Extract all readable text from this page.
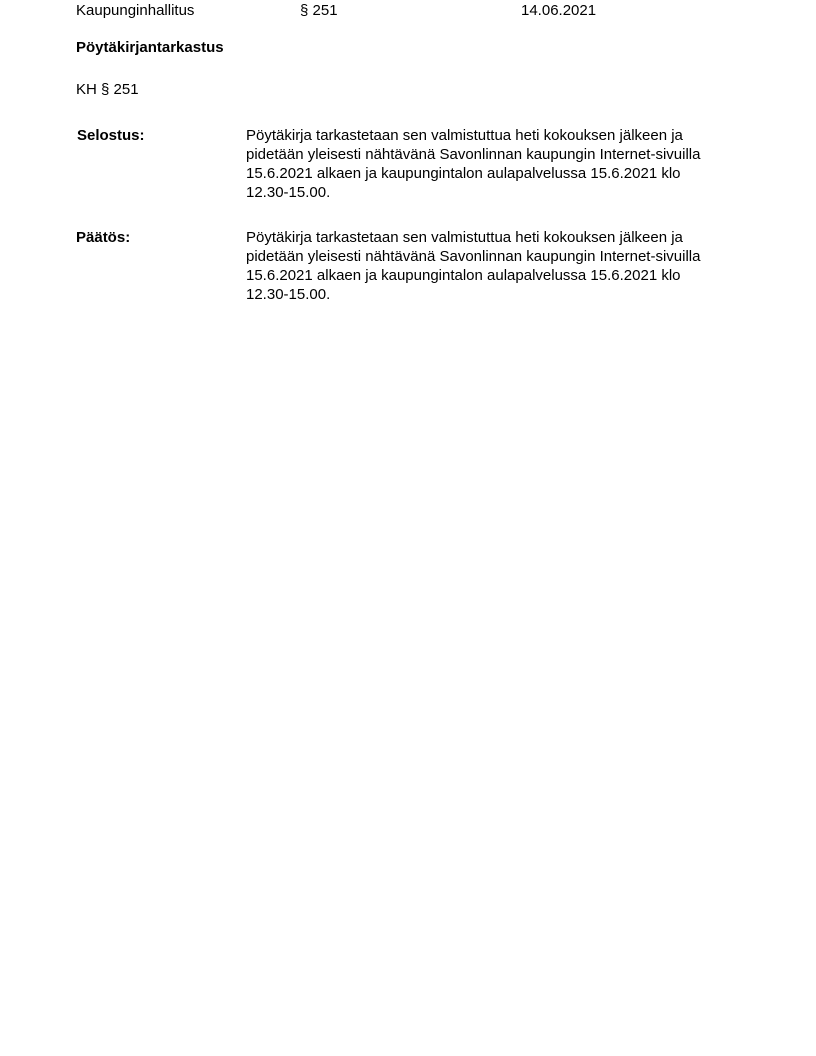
Kaupunginhallitus	§ 251	14.06.2021
Pöytäkirjantarkastus
KH § 251
Selostus:	Pöytäkirja tarkastetaan sen valmistuttua heti kokouksen jälkeen ja
pidetään yleisesti nähtävänä Savonlinnan kaupungin Internet-sivuilla
15.6.2021 alkaen ja kaupungintalon aulapalvelussa 15.6.2021 klo
12.30-15.00.
Päätös:	Pöytäkirja tarkastetaan sen valmistuttua heti kokouksen jälkeen ja
pidetään yleisesti nähtävänä Savonlinnan kaupungin Internet-sivuilla
15.6.2021 alkaen ja kaupungintalon aulapalvelussa 15.6.2021 klo
12.30-15.00.
